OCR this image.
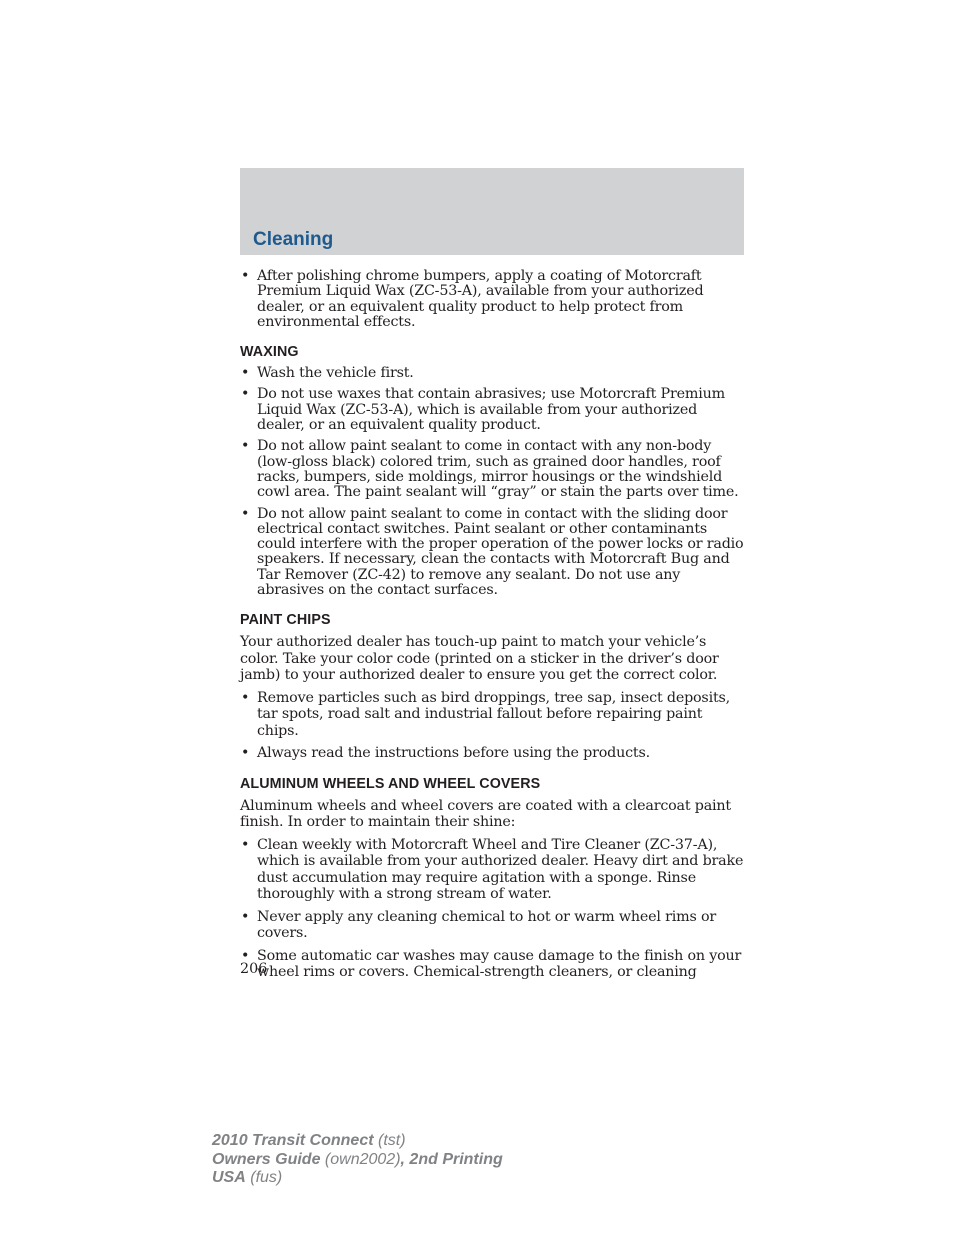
Cleaning
• After polishing chrome bumpers, apply a coating of Motorcraft Premium Liquid Wax (ZC-53-A), available from your authorized dealer, or an equivalent quality product to help protect from environmental effects.
WAXING
• Wash the vehicle first.
• Do not use waxes that contain abrasives; use Motorcraft Premium Liquid Wax (ZC-53-A), which is available from your authorized dealer, or an equivalent quality product.
• Do not allow paint sealant to come in contact with any non-body (low-gloss black) colored trim, such as grained door handles, roof racks, bumpers, side moldings, mirror housings or the windshield cowl area. The paint sealant will “gray” or stain the parts over time.
• Do not allow paint sealant to come in contact with the sliding door electrical contact switches. Paint sealant or other contaminants could interfere with the proper operation of the power locks or radio speakers. If necessary, clean the contacts with Motorcraft Bug and Tar Remover (ZC-42) to remove any sealant. Do not use any abrasives on the contact surfaces.
PAINT CHIPS
Your authorized dealer has touch-up paint to match your vehicle’s color. Take your color code (printed on a sticker in the driver’s door jamb) to your authorized dealer to ensure you get the correct color.
• Remove particles such as bird droppings, tree sap, insect deposits, tar spots, road salt and industrial fallout before repairing paint chips.
• Always read the instructions before using the products.
ALUMINUM WHEELS AND WHEEL COVERS
Aluminum wheels and wheel covers are coated with a clearcoat paint finish. In order to maintain their shine:
• Clean weekly with Motorcraft Wheel and Tire Cleaner (ZC-37-A), which is available from your authorized dealer. Heavy dirt and brake dust accumulation may require agitation with a sponge. Rinse thoroughly with a strong stream of water.
• Never apply any cleaning chemical to hot or warm wheel rims or covers.
• Some automatic car washes may cause damage to the finish on your wheel rims or covers. Chemical-strength cleaners, or cleaning
206
2010 Transit Connect (tst)
Owners Guide (own2002), 2nd Printing
USA (fus)
